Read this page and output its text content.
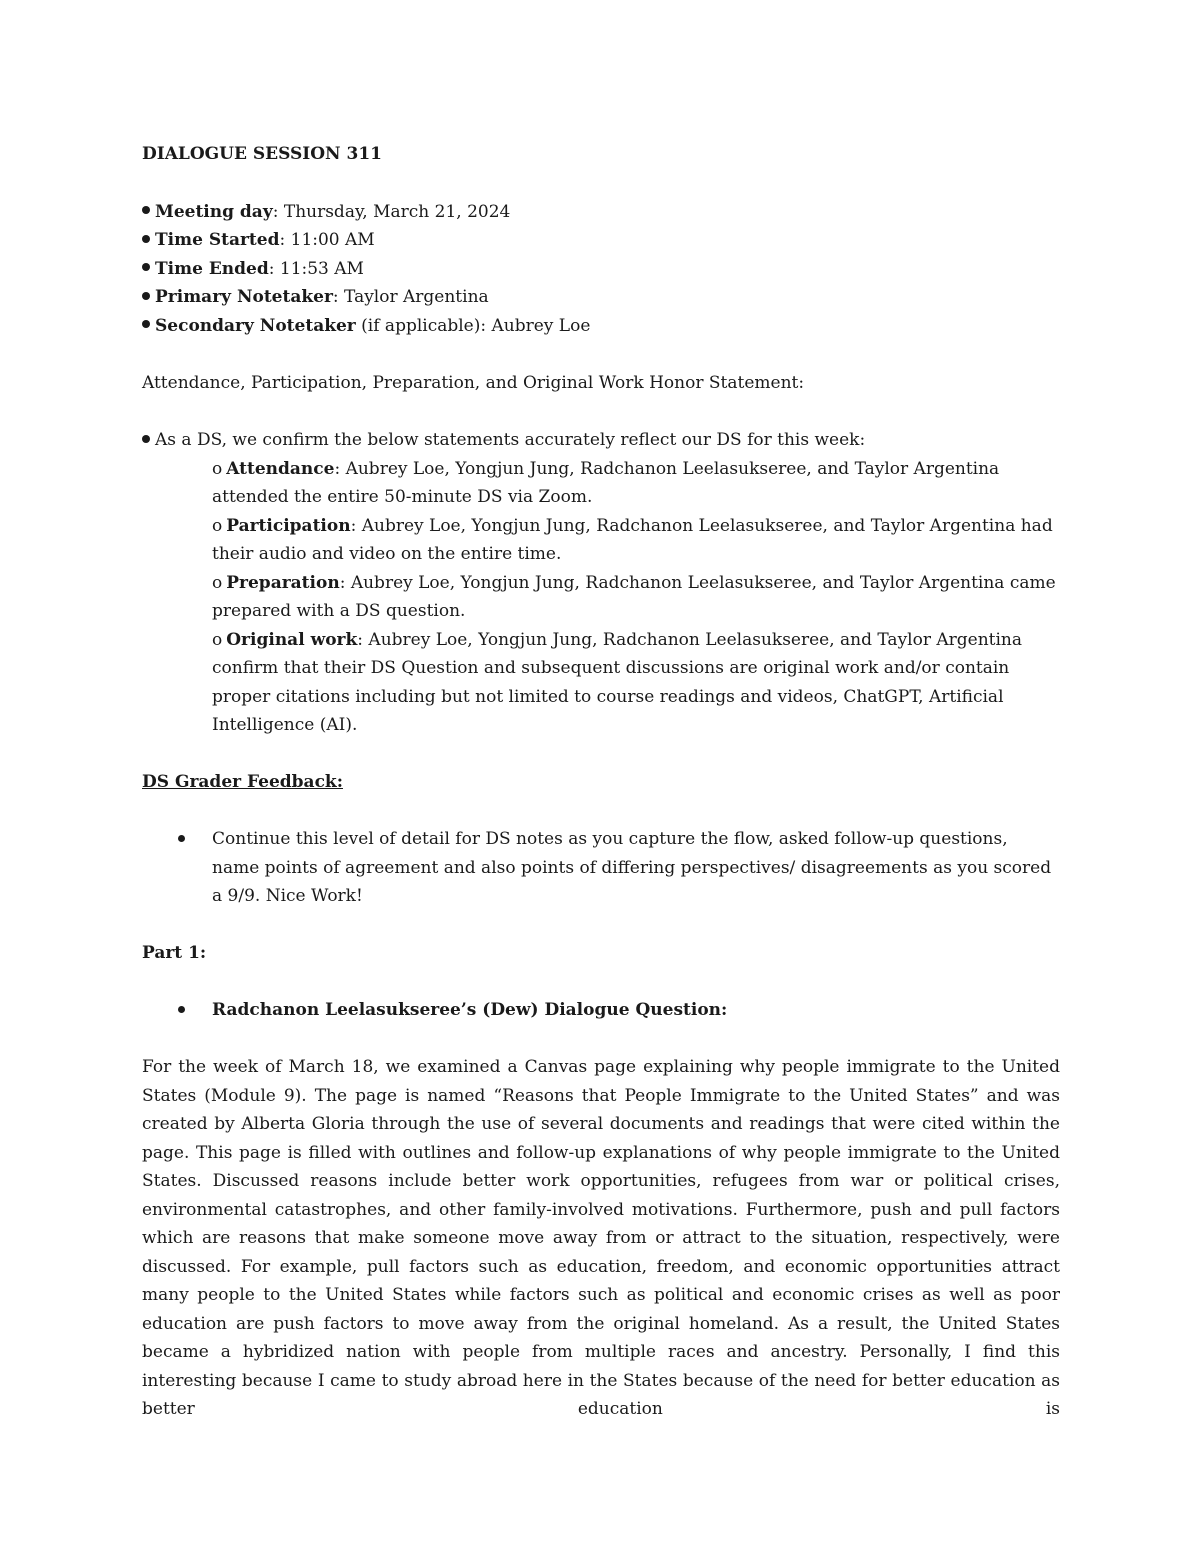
DIALOGUE SESSION 311
Meeting day: Thursday, March 21, 2024
Time Started: 11:00 AM
Time Ended: 11:53 AM
Primary Notetaker: Taylor Argentina
Secondary Notetaker (if applicable): Aubrey Loe
Attendance, Participation, Preparation, and Original Work Honor Statement:
As a DS, we confirm the below statements accurately reflect our DS for this week:
o Attendance: Aubrey Loe, Yongjun Jung, Radchanon Leelasukseree, and Taylor Argentina attended the entire 50-minute DS via Zoom.
o Participation: Aubrey Loe, Yongjun Jung, Radchanon Leelasukseree, and Taylor Argentina had their audio and video on the entire time.
o Preparation: Aubrey Loe, Yongjun Jung, Radchanon Leelasukseree, and Taylor Argentina came prepared with a DS question.
o Original work: Aubrey Loe, Yongjun Jung, Radchanon Leelasukseree, and Taylor Argentina confirm that their DS Question and subsequent discussions are original work and/or contain proper citations including but not limited to course readings and videos, ChatGPT, Artificial Intelligence (AI).
DS Grader Feedback:
Continue this level of detail for DS notes as you capture the flow, asked follow-up questions, name points of agreement and also points of differing perspectives/ disagreements as you scored a 9/9. Nice Work!
Part 1:
Radchanon Leelasukseree’s (Dew) Dialogue Question:
For the week of March 18, we examined a Canvas page explaining why people immigrate to the United States (Module 9). The page is named “Reasons that People Immigrate to the United States” and was created by Alberta Gloria through the use of several documents and readings that were cited within the page. This page is filled with outlines and follow-up explanations of why people immigrate to the United States. Discussed reasons include better work opportunities, refugees from war or political crises, environmental catastrophes, and other family-involved motivations. Furthermore, push and pull factors which are reasons that make someone move away from or attract to the situation, respectively, were discussed. For example, pull factors such as education, freedom, and economic opportunities attract many people to the United States while factors such as political and economic crises as well as poor education are push factors to move away from the original homeland. As a result, the United States became a hybridized nation with people from multiple races and ancestry. Personally, I find this interesting because I came to study abroad here in the States because of the need for better education as better education is
